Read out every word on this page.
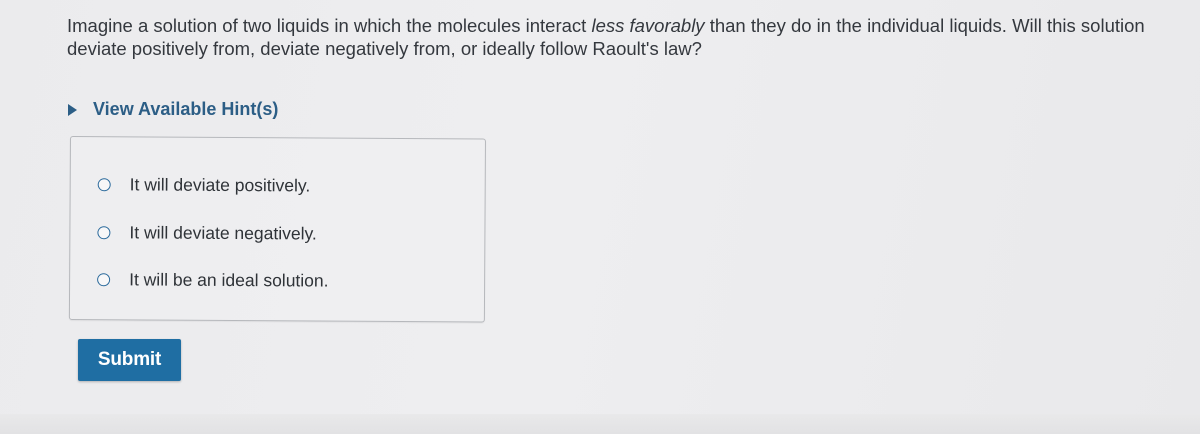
Imagine a solution of two liquids in which the molecules interact less favorably than they do in the individual liquids. Will this solution deviate positively from, deviate negatively from, or ideally follow Raoult's law?

View Available Hint(s)
It will deviate positively.
It will deviate negatively.
It will be an ideal solution.
Submit
